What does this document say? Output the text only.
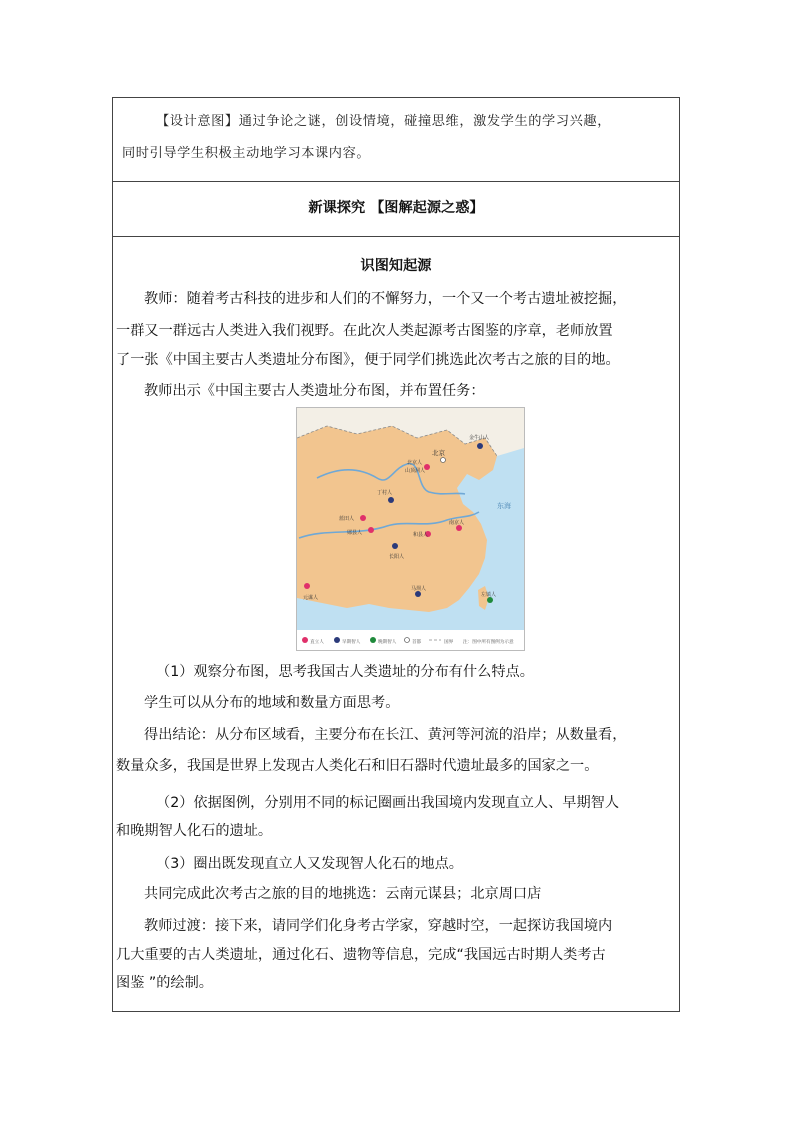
【设计意图】通过争论之谜，创设情境，碰撞思维，激发学生的学习兴趣，
同时引导学生积极主动地学习本课内容。
新课探究 【图解起源之惑】
识图知起源
教师：随着考古科技的进步和人们的不懈努力，一个又一个考古遗址被挖掘，
一群又一群远古人类进入我们视野。在此次人类起源考古图鉴的序章，老师放置
了一张《中国主要古人类遗址分布图》，便于同学们挑选此次考古之旅的目的地。
教师出示《中国主要古人类遗址分布图，并布置任务：
北京
金牛山人
北京人
山顶洞人
丁村人
蓝田人
郧县人
长阳人
和县人
南京人
马坝人
元谋人	左镇人
东海
直立人	早期智人	晚期智人	首都	国界 注：图中所有图例为示意
（1）观察分布图，思考我国古人类遗址的分布有什么特点。
学生可以从分布的地域和数量方面思考。
得出结论：从分布区域看，主要分布在长江、黄河等河流的沿岸；从数量看，
数量众多，我国是世界上发现古人类化石和旧石器时代遗址最多的国家之一。
（2）依据图例，分别用不同的标记圈画出我国境内发现直立人、早期智人
和晚期智人化石的遗址。
（3）圈出既发现直立人又发现智人化石的地点。
共同完成此次考古之旅的目的地挑选：云南元谋县；北京周口店
教师过渡：接下来，请同学们化身考古学家，穿越时空，一起探访我国境内
几大重要的古人类遗址，通过化石、遗物等信息，完成“我国远古时期人类考古
图鉴 ”的绘制。
